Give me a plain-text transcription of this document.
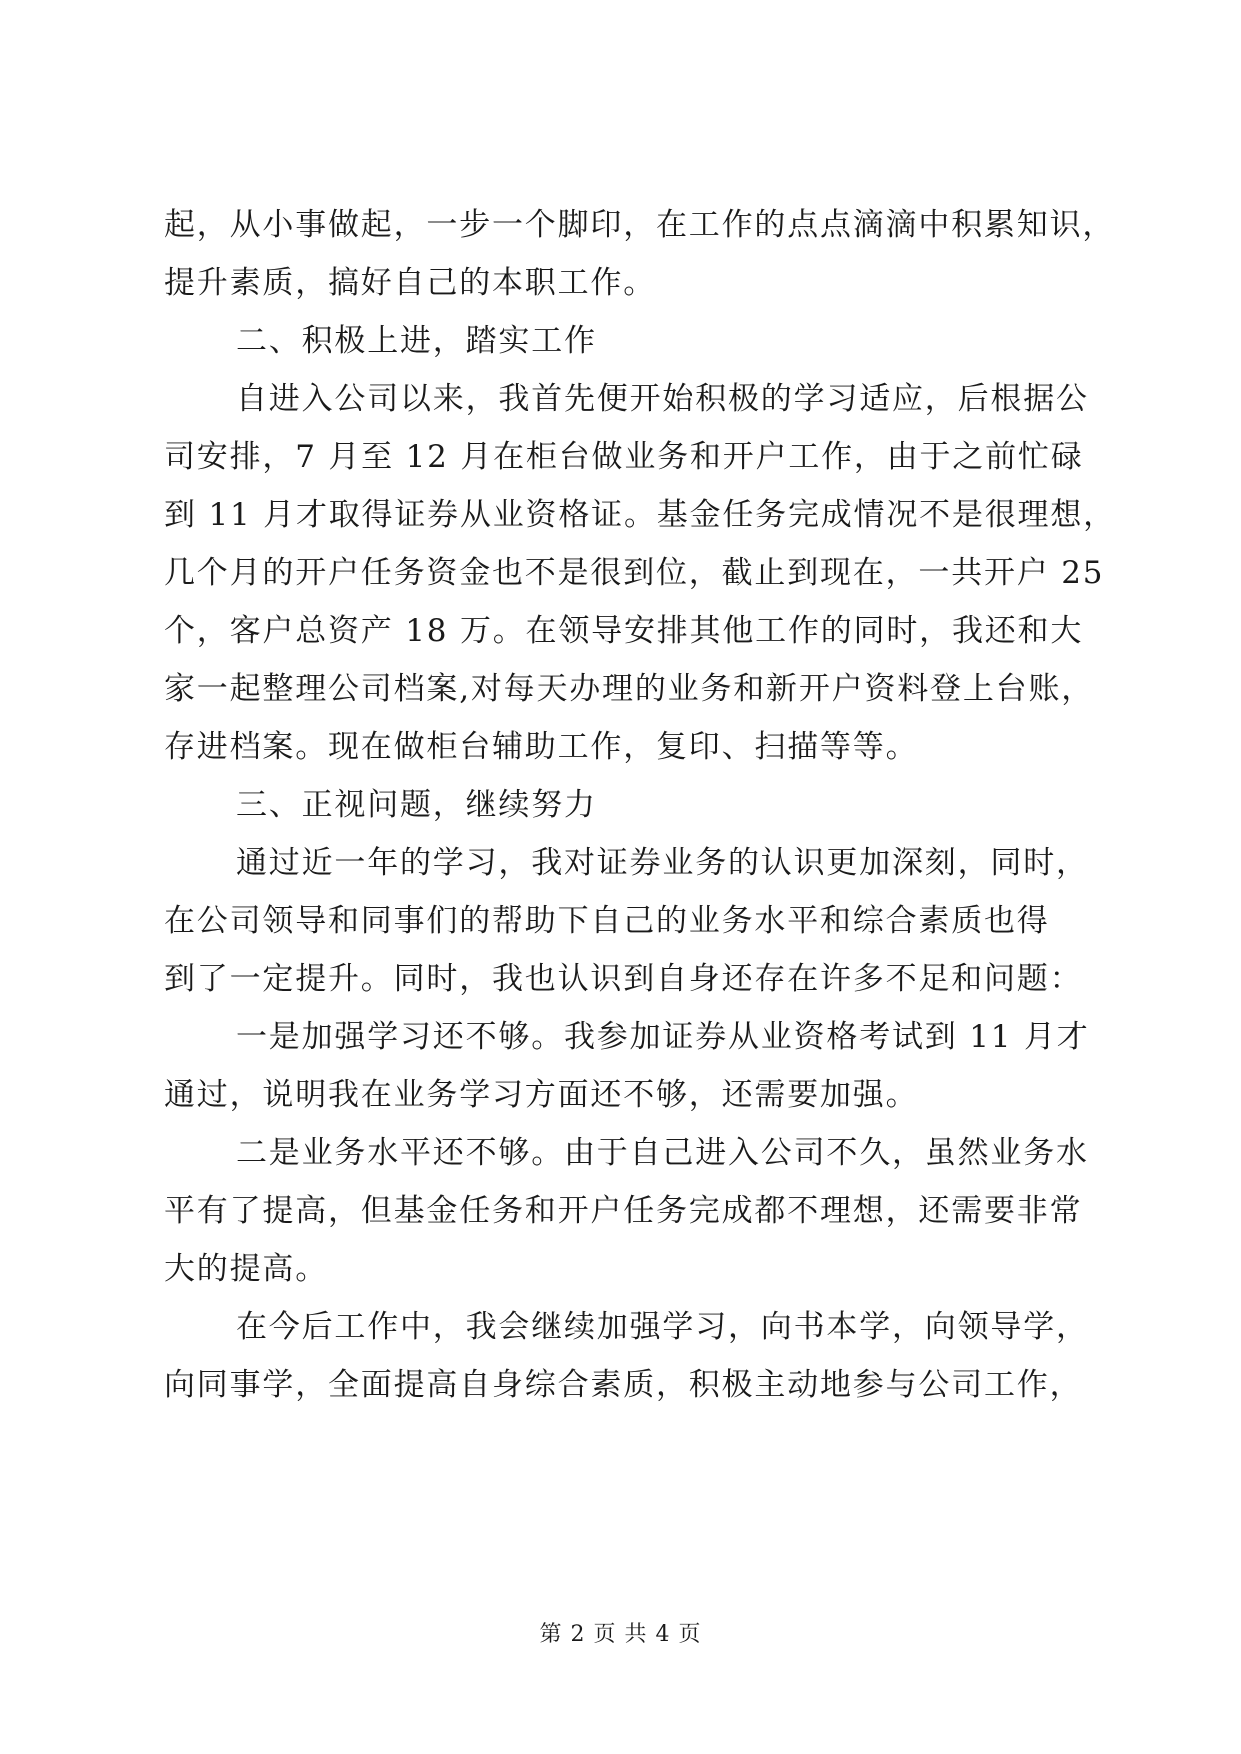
起，从小事做起，一步一个脚印，在工作的点点滴滴中积累知识，
提升素质，搞好自己的本职工作。
二、积极上进，踏实工作
自进入公司以来，我首先便开始积极的学习适应，后根据公
司安排，7 月至 12 月在柜台做业务和开户工作，由于之前忙碌
到 11 月才取得证券从业资格证。基金任务完成情况不是很理想，
几个月的开户任务资金也不是很到位，截止到现在，一共开户 25
个，客户总资产 18 万。在领导安排其他工作的同时，我还和大
家一起整理公司档案,对每天办理的业务和新开户资料登上台账，
存进档案。现在做柜台辅助工作，复印、扫描等等。
三、正视问题，继续努力
通过近一年的学习，我对证券业务的认识更加深刻，同时，
在公司领导和同事们的帮助下自己的业务水平和综合素质也得
到了一定提升。同时，我也认识到自身还存在许多不足和问题：
一是加强学习还不够。我参加证券从业资格考试到 11 月才
通过，说明我在业务学习方面还不够，还需要加强。
二是业务水平还不够。由于自己进入公司不久，虽然业务水
平有了提高，但基金任务和开户任务完成都不理想，还需要非常
大的提高。
在今后工作中，我会继续加强学习，向书本学，向领导学，
向同事学，全面提高自身综合素质，积极主动地参与公司工作，
第 2 页 共 4 页
